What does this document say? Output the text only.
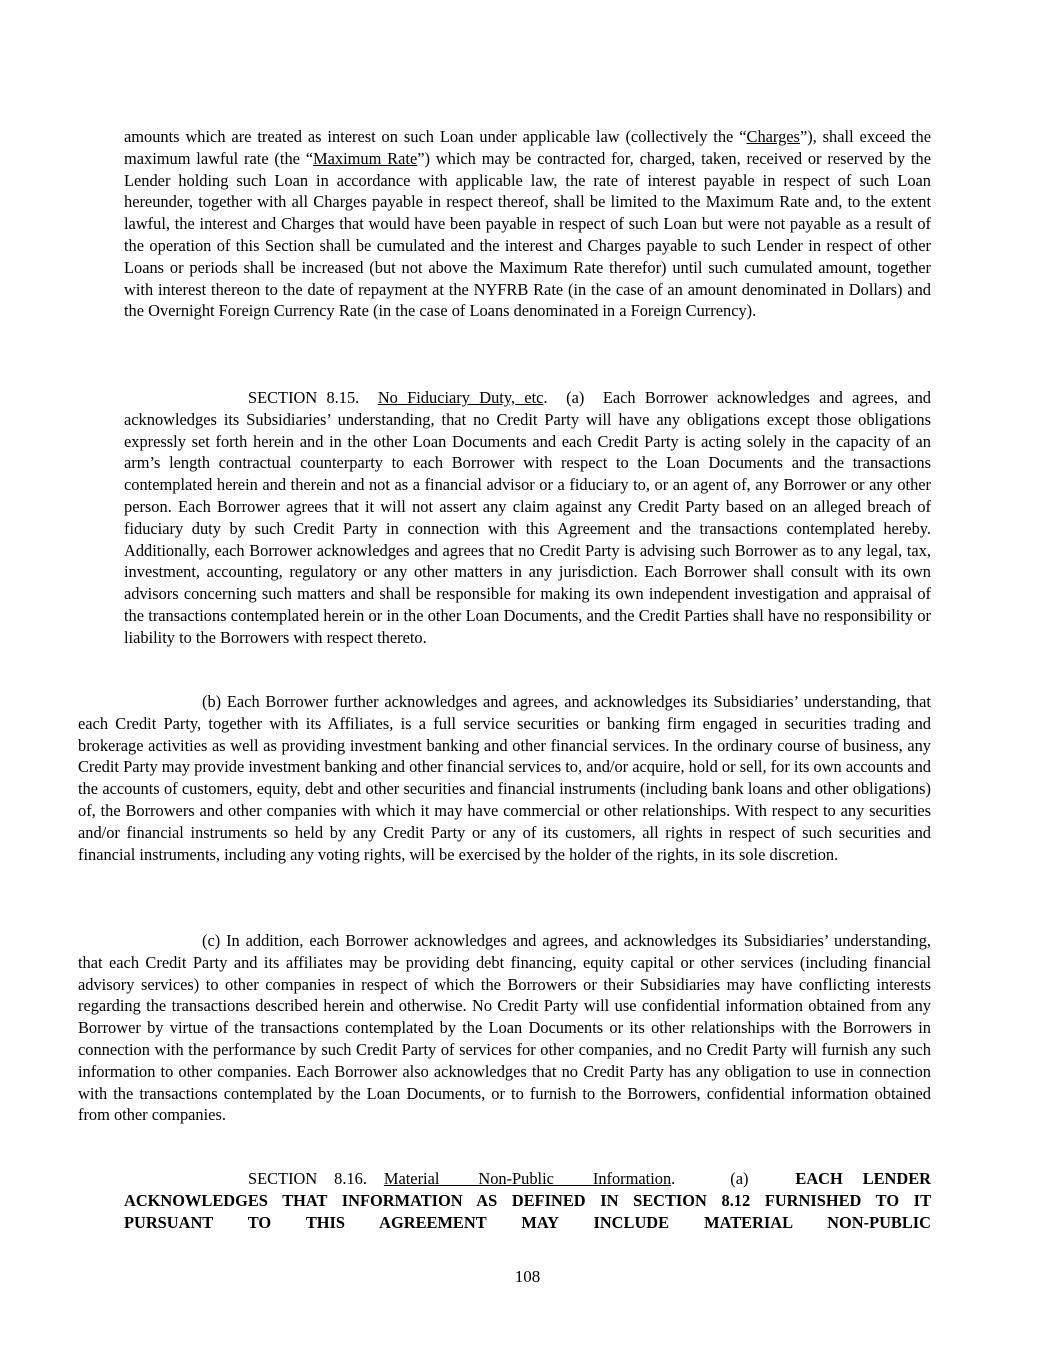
amounts which are treated as interest on such Loan under applicable law (collectively the “Charges”), shall exceed the maximum lawful rate (the “Maximum Rate”) which may be contracted for, charged, taken, received or reserved by the Lender holding such Loan in accordance with applicable law, the rate of interest payable in respect of such Loan hereunder, together with all Charges payable in respect thereof, shall be limited to the Maximum Rate and, to the extent lawful, the interest and Charges that would have been payable in respect of such Loan but were not payable as a result of the operation of this Section shall be cumulated and the interest and Charges payable to such Lender in respect of other Loans or periods shall be increased (but not above the Maximum Rate therefor) until such cumulated amount, together with interest thereon to the date of repayment at the NYFRB Rate (in the case of an amount denominated in Dollars) and the Overnight Foreign Currency Rate (in the case of Loans denominated in a Foreign Currency).

SECTION 8.15. No Fiduciary Duty, etc. (a) Each Borrower acknowledges and agrees, and acknowledges its Subsidiaries’ understanding, that no Credit Party will have any obligations except those obligations expressly set forth herein and in the other Loan Documents and each Credit Party is acting solely in the capacity of an arm’s length contractual counterparty to each Borrower with respect to the Loan Documents and the transactions contemplated herein and therein and not as a financial advisor or a fiduciary to, or an agent of, any Borrower or any other person. Each Borrower agrees that it will not assert any claim against any Credit Party based on an alleged breach of fiduciary duty by such Credit Party in connection with this Agreement and the transactions contemplated hereby. Additionally, each Borrower acknowledges and agrees that no Credit Party is advising such Borrower as to any legal, tax, investment, accounting, regulatory or any other matters in any jurisdiction. Each Borrower shall consult with its own advisors concerning such matters and shall be responsible for making its own independent investigation and appraisal of the transactions contemplated herein or in the other Loan Documents, and the Credit Parties shall have no responsibility or liability to the Borrowers with respect thereto.

(b) Each Borrower further acknowledges and agrees, and acknowledges its Subsidiaries’ understanding, that each Credit Party, together with its Affiliates, is a full service securities or banking firm engaged in securities trading and brokerage activities as well as providing investment banking and other financial services. In the ordinary course of business, any Credit Party may provide investment banking and other financial services to, and/or acquire, hold or sell, for its own accounts and the accounts of customers, equity, debt and other securities and financial instruments (including bank loans and other obligations) of, the Borrowers and other companies with which it may have commercial or other relationships. With respect to any securities and/or financial instruments so held by any Credit Party or any of its customers, all rights in respect of such securities and financial instruments, including any voting rights, will be exercised by the holder of the rights, in its sole discretion.

(c) In addition, each Borrower acknowledges and agrees, and acknowledges its Subsidiaries’ understanding, that each Credit Party and its affiliates may be providing debt financing, equity capital or other services (including financial advisory services) to other companies in respect of which the Borrowers or their Subsidiaries may have conflicting interests regarding the transactions described herein and otherwise. No Credit Party will use confidential information obtained from any Borrower by virtue of the transactions contemplated by the Loan Documents or its other relationships with the Borrowers in connection with the performance by such Credit Party of services for other companies, and no Credit Party will furnish any such information to other companies. Each Borrower also acknowledges that no Credit Party has any obligation to use in connection with the transactions contemplated by the Loan Documents, or to furnish to the Borrowers, confidential information obtained from other companies.

SECTION 8.16. Material Non-Public Information.	(a)	EACH LENDER ACKNOWLEDGES THAT INFORMATION AS DEFINED IN SECTION 8.12 FURNISHED TO IT PURSUANT TO THIS AGREEMENT MAY INCLUDE MATERIAL NON-PUBLIC

108
